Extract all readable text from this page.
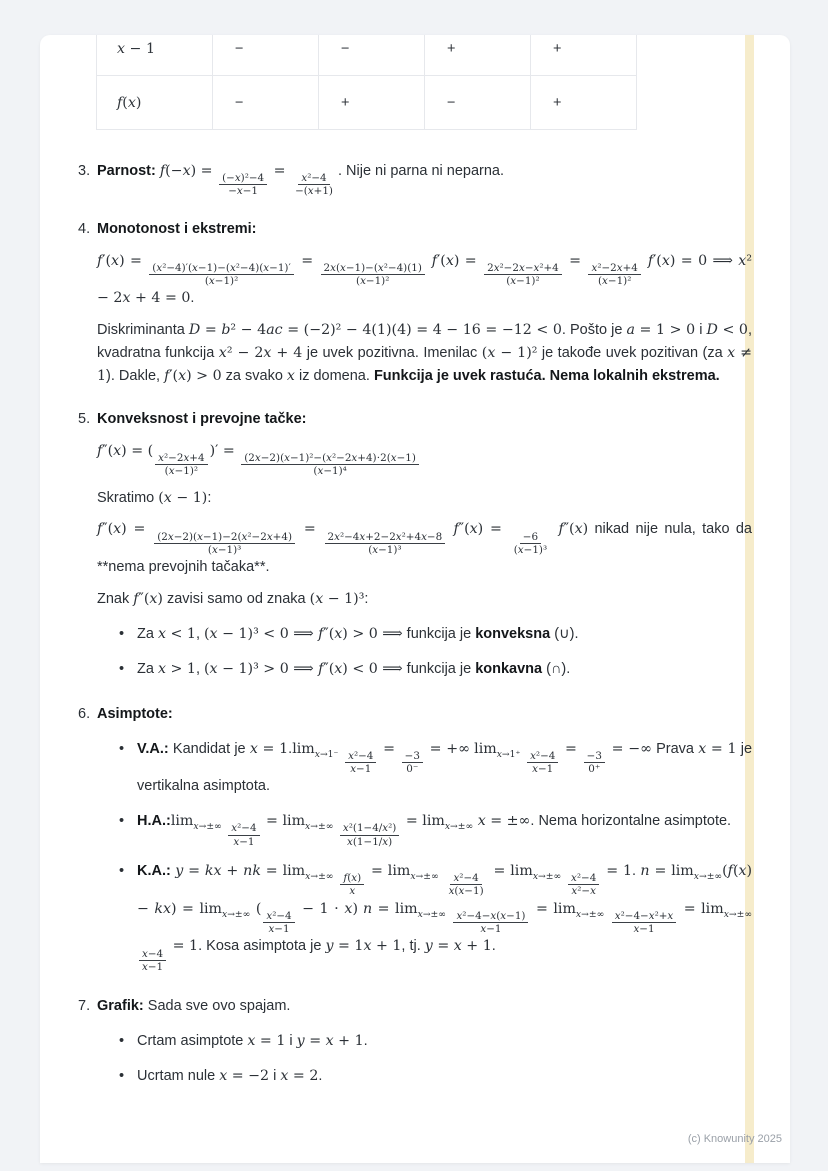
x − 1	−	−	+	+
f(x)	−	+	−	+
3. Parnost: f(−x) =
$\frac{\text{(−x)²−4}}{-x-1}$
=
$\frac{\text{x²−4}}{-(x+1)}$
. Nije ni parna ni neparna.

4. Monotonost i ekstremi:

f′(x) =
$\frac{\text{(x²−4)′(x−1)−(x²−4)(x−1)′}}{\text{(x−1)²}}$
=
$\frac{\text{2x(x−1)−(x²−4)(1)}}{\text{(x−1)²}}$
f′(x) =
$\frac{\text{2x²−2x−x²+4}}{\text{(x−1)²}}$
=
$\frac{\text{x²−2x+4}}{\text{(x−1)²}}$
f′(x) = 0 ⟹ x² − 2x + 4 = 0.

Diskriminanta D = b² − 4ac = (−2)² − 4(1)(4) = 4 − 16 = −12 < 0. Pošto je a = 1 > 0 i D < 0, kvadratna funkcija x² − 2x + 4 je uvek pozitivna. Imenilac (x − 1)² je takođe uvek pozitivan (za x ≠ 1). Dakle, f′(x) > 0 za svako x iz domena. Funkcija je uvek rastuća. Nema lokalnih ekstrema.

5. Konveksnost i prevojne tačke:

f″(x) = (
$\frac{\text{x²−2x+4}}{\text{(x−1)²}}$
)′ =
$\frac{\text{(2x−2)(x−1)²−(x²−2x+4)⋅2(x−1)}}{\text{(x−1)⁴}}$

Skratimo (x − 1):

f″(x) =
$\frac{\text{(2x−2)(x−1)−2(x²−2x+4)}}{\text{(x−1)³}}$
=
$\frac{\text{2x²−4x+2−2x²+4x−8}}{\text{(x−1)³}}$
f″(x) =
$\frac{-6}{\text{(x−1)³}}$
f″(x) nikad nije nula, tako da **nema prevojnih tačaka**.

Znak f″(x) zavisi samo od znaka (x − 1)³:

• Za x < 1, (x − 1)³ < 0 ⟹ f″(x) > 0 ⟹ funkcija je konveksna (∪).
• Za x > 1, (x − 1)³ > 0 ⟹ f″(x) < 0 ⟹ funkcija je konkavna (∩).
6. Asimptote:

• V.A.: Kandidat je $x = 1.\lim_{x\to 1^-} \frac{\text{x²−4}}{x-1}$
=
$\frac{-3}{0^-}$
= +∞ $\lim_{x\to 1^+} \frac{\text{x²−4}}{x-1}$
=
$\frac{-3}{0^+}$
= −∞ Prava x = 1 je vertikalna asimptota.
• $H.A.:\lim_{x\to\pm\infty} \frac{\text{x²−4}}{x-1}$
= $\lim_{x\to\pm\infty} \frac{\text{x²(1−4/x²)}}{x(1-1/x)}$
= $\lim_{x\to\pm\infty} x$ = ±∞. Nema horizontalne asimptote.
• K.A.: y = kx + nk = $\lim_{x\to\pm\infty} \frac{f(x)}{x}$
= $\lim_{x\to\pm\infty} \frac{\text{x²−4}}{x(x-1)}$
= $\lim_{x\to\pm\infty} \frac{\text{x²−4}}{\text{x²−x}}$
= 1. $n = \lim_{x\to\pm\infty}(f(x) - kx) = \lim_{x\to\pm\infty}$ (
$\frac{\text{x²−4}}{x-1}$
− 1 ⋅ x) $n = \lim_{x\to\pm\infty} \frac{\text{x²−4−x(x−1)}}{x-1}$
= $\lim_{x\to\pm\infty} \frac{\text{x²−4−x²+x}}{x-1}$
= $\lim_{x\to\pm\infty}$
$\frac{x-4}{x-1}$
= 1. Kosa asimptota je y = 1x + 1, tj. y = x + 1.
7. Grafik: Sada sve ovo spajam.

• Crtam asimptote x = 1 i y = x + 1.
• Ucrtam nule x = −2 i x = 2.
(c) Knowunity 2025
